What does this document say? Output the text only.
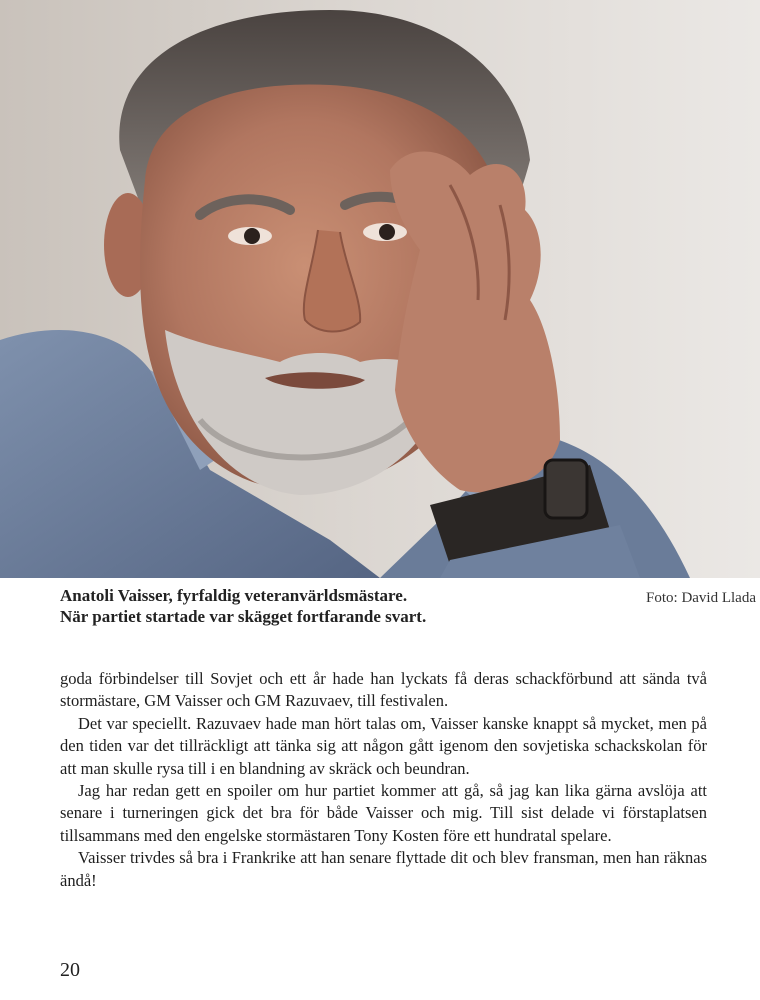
Anatoli Vaisser, fyrfaldig veteranvärldsmästare.
När partiet startade var skägget fortfarande svart.
Foto: David Llada

goda förbindelser till Sovjet och ett år hade han lyckats få deras schackförbund att sända två stormästare, GM Vaisser och GM Razuvaev, till festivalen.

Det var speciellt. Razuvaev hade man hört talas om, Vaisser kanske knappt så mycket, men på den tiden var det tillräckligt att tänka sig att någon gått igenom den sovjetiska schackskolan för att man skulle rysa till i en blandning av skräck och beundran.

Jag har redan gett en spoiler om hur partiet kommer att gå, så jag kan lika gärna avslöja att senare i turneringen gick det bra för både Vaisser och mig. Till sist delade vi förstaplatsen tillsammans med den engelske stormästaren Tony Kosten före ett hundratal spelare.

Vaisser trivdes så bra i Frankrike att han senare flyttade dit och blev fransman, men han räknas ändå!

20
